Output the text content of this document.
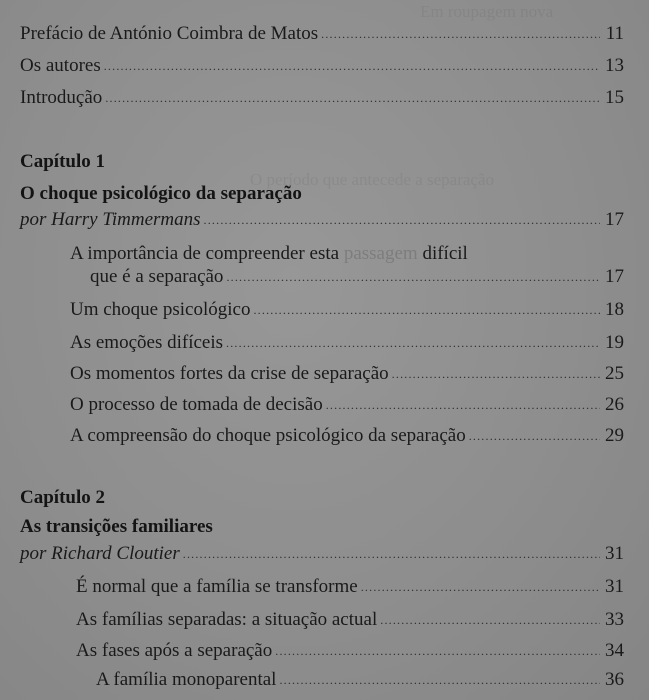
Em roupagem nova
O período que antecede a separação
Prefácio de António Coimbra de Matos .....	11
Os autores .....	13
Introdução .....	15
Capítulo 1
O choque psicológico da separação
por Harry Timmermans .....	17
A importância de compreender esta passagem difícil
que é a separação .....	17
Um choque psicológico .....	18
As emoções difíceis .....	19
Os momentos fortes da crise de separação .....	25
O processo de tomada de decisão .....	26
A compreensão do choque psicológico da separação .....	29
Capítulo 2
As transições familiares
por Richard Cloutier .....	31
É normal que a família se transforme .....	31
As famílias separadas: a situação actual .....	33
As fases após a separação .....	34
A família monoparental .....	36
